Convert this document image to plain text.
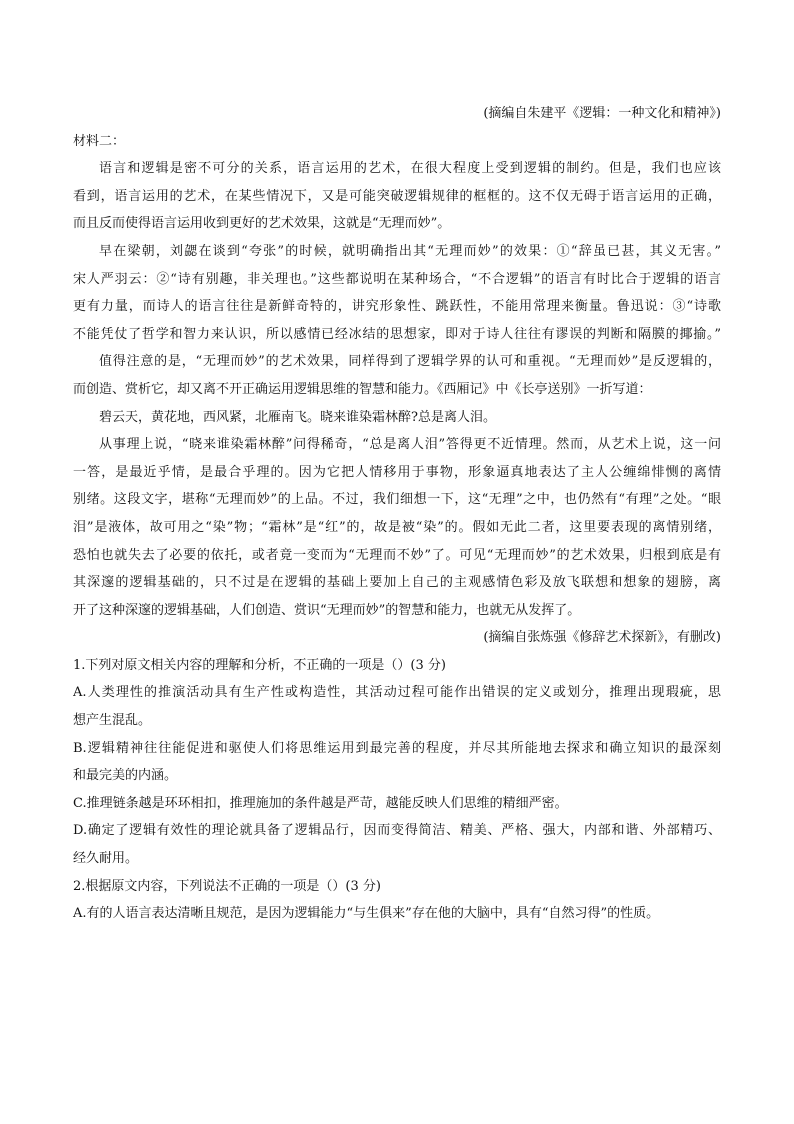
(摘编自朱建平《逻辑：一种文化和精神》)

材料二：

语言和逻辑是密不可分的关系，语言运用的艺术，在很大程度上受到逻辑的制约。但是，我们也应该

看到，语言运用的艺术，在某些情况下，又是可能突破逻辑规律的框框的。这不仅无碍于语言运用的正确，

而且反而使得语言运用收到更好的艺术效果，这就是“无理而妙”。

早在梁朝，刘勰在谈到“夸张”的时候，就明确指出其“无理而妙”的效果：①“辞虽已甚，其义无害。”

宋人严羽云：②“诗有别趣，非关理也。”这些都说明在某种场合，“不合逻辑”的语言有时比合于逻辑的语言

更有力量，而诗人的语言往往是新鲜奇特的，讲究形象性、跳跃性，不能用常理来衡量。鲁迅说：③“诗歌

不能凭仗了哲学和智力来认识，所以感情已经冰结的思想家，即对于诗人往往有谬误的判断和隔膜的揶揄。”

值得注意的是，“无理而妙”的艺术效果，同样得到了逻辑学界的认可和重视。“无理而妙”是反逻辑的，

而创造、赏析它，却又离不开正确运用逻辑思维的智慧和能力。《西厢记》中《长亭送别》一折写道：

碧云天，黄花地，西风紧，北雁南飞。晓来谁染霜林醉?总是离人泪。

从事理上说，“晓来谁染霜林醉”问得稀奇，“总是离人泪”答得更不近情理。然而，从艺术上说，这一问

一答，是最近乎情，是最合乎理的。因为它把人情移用于事物，形象逼真地表达了主人公缠绵悱恻的离情

别绪。这段文字，堪称“无理而妙”的上品。不过，我们细想一下，这“无理”之中，也仍然有“有理”之处。“眼

泪”是液体，故可用之“染”物；“霜林”是“红”的，故是被“染”的。假如无此二者，这里要表现的离情别绪，

恐怕也就失去了必要的依托，或者竟一变而为“无理而不妙”了。可见“无理而妙”的艺术效果，归根到底是有

其深邃的逻辑基础的，只不过是在逻辑的基础上要加上自己的主观感情色彩及放飞联想和想象的翅膀，离

开了这种深邃的逻辑基础，人们创造、赏识“无理而妙”的智慧和能力，也就无从发挥了。

(摘编自张炼强《修辞艺术探新》，有删改)

1.下列对原文相关内容的理解和分析，不正确的一项是（）(3 分)

A.人类理性的推演活动具有生产性或构造性，其活动过程可能作出错误的定义或划分，推理出现瑕疵，思

想产生混乱。

B.逻辑精神往往能促进和驱使人们将思维运用到最完善的程度，并尽其所能地去探求和确立知识的最深刻

和最完美的内涵。

C.推理链条越是环环相扣，推理施加的条件越是严苛，越能反映人们思维的精细严密。

D.确定了逻辑有效性的理论就具备了逻辑品行，因而变得简洁、精美、严格、强大，内部和谐、外部精巧、

经久耐用。

2.根据原文内容，下列说法不正确的一项是（）(3 分)

A.有的人语言表达清晰且规范，是因为逻辑能力“与生俱来”存在他的大脑中，具有“自然习得”的性质。
